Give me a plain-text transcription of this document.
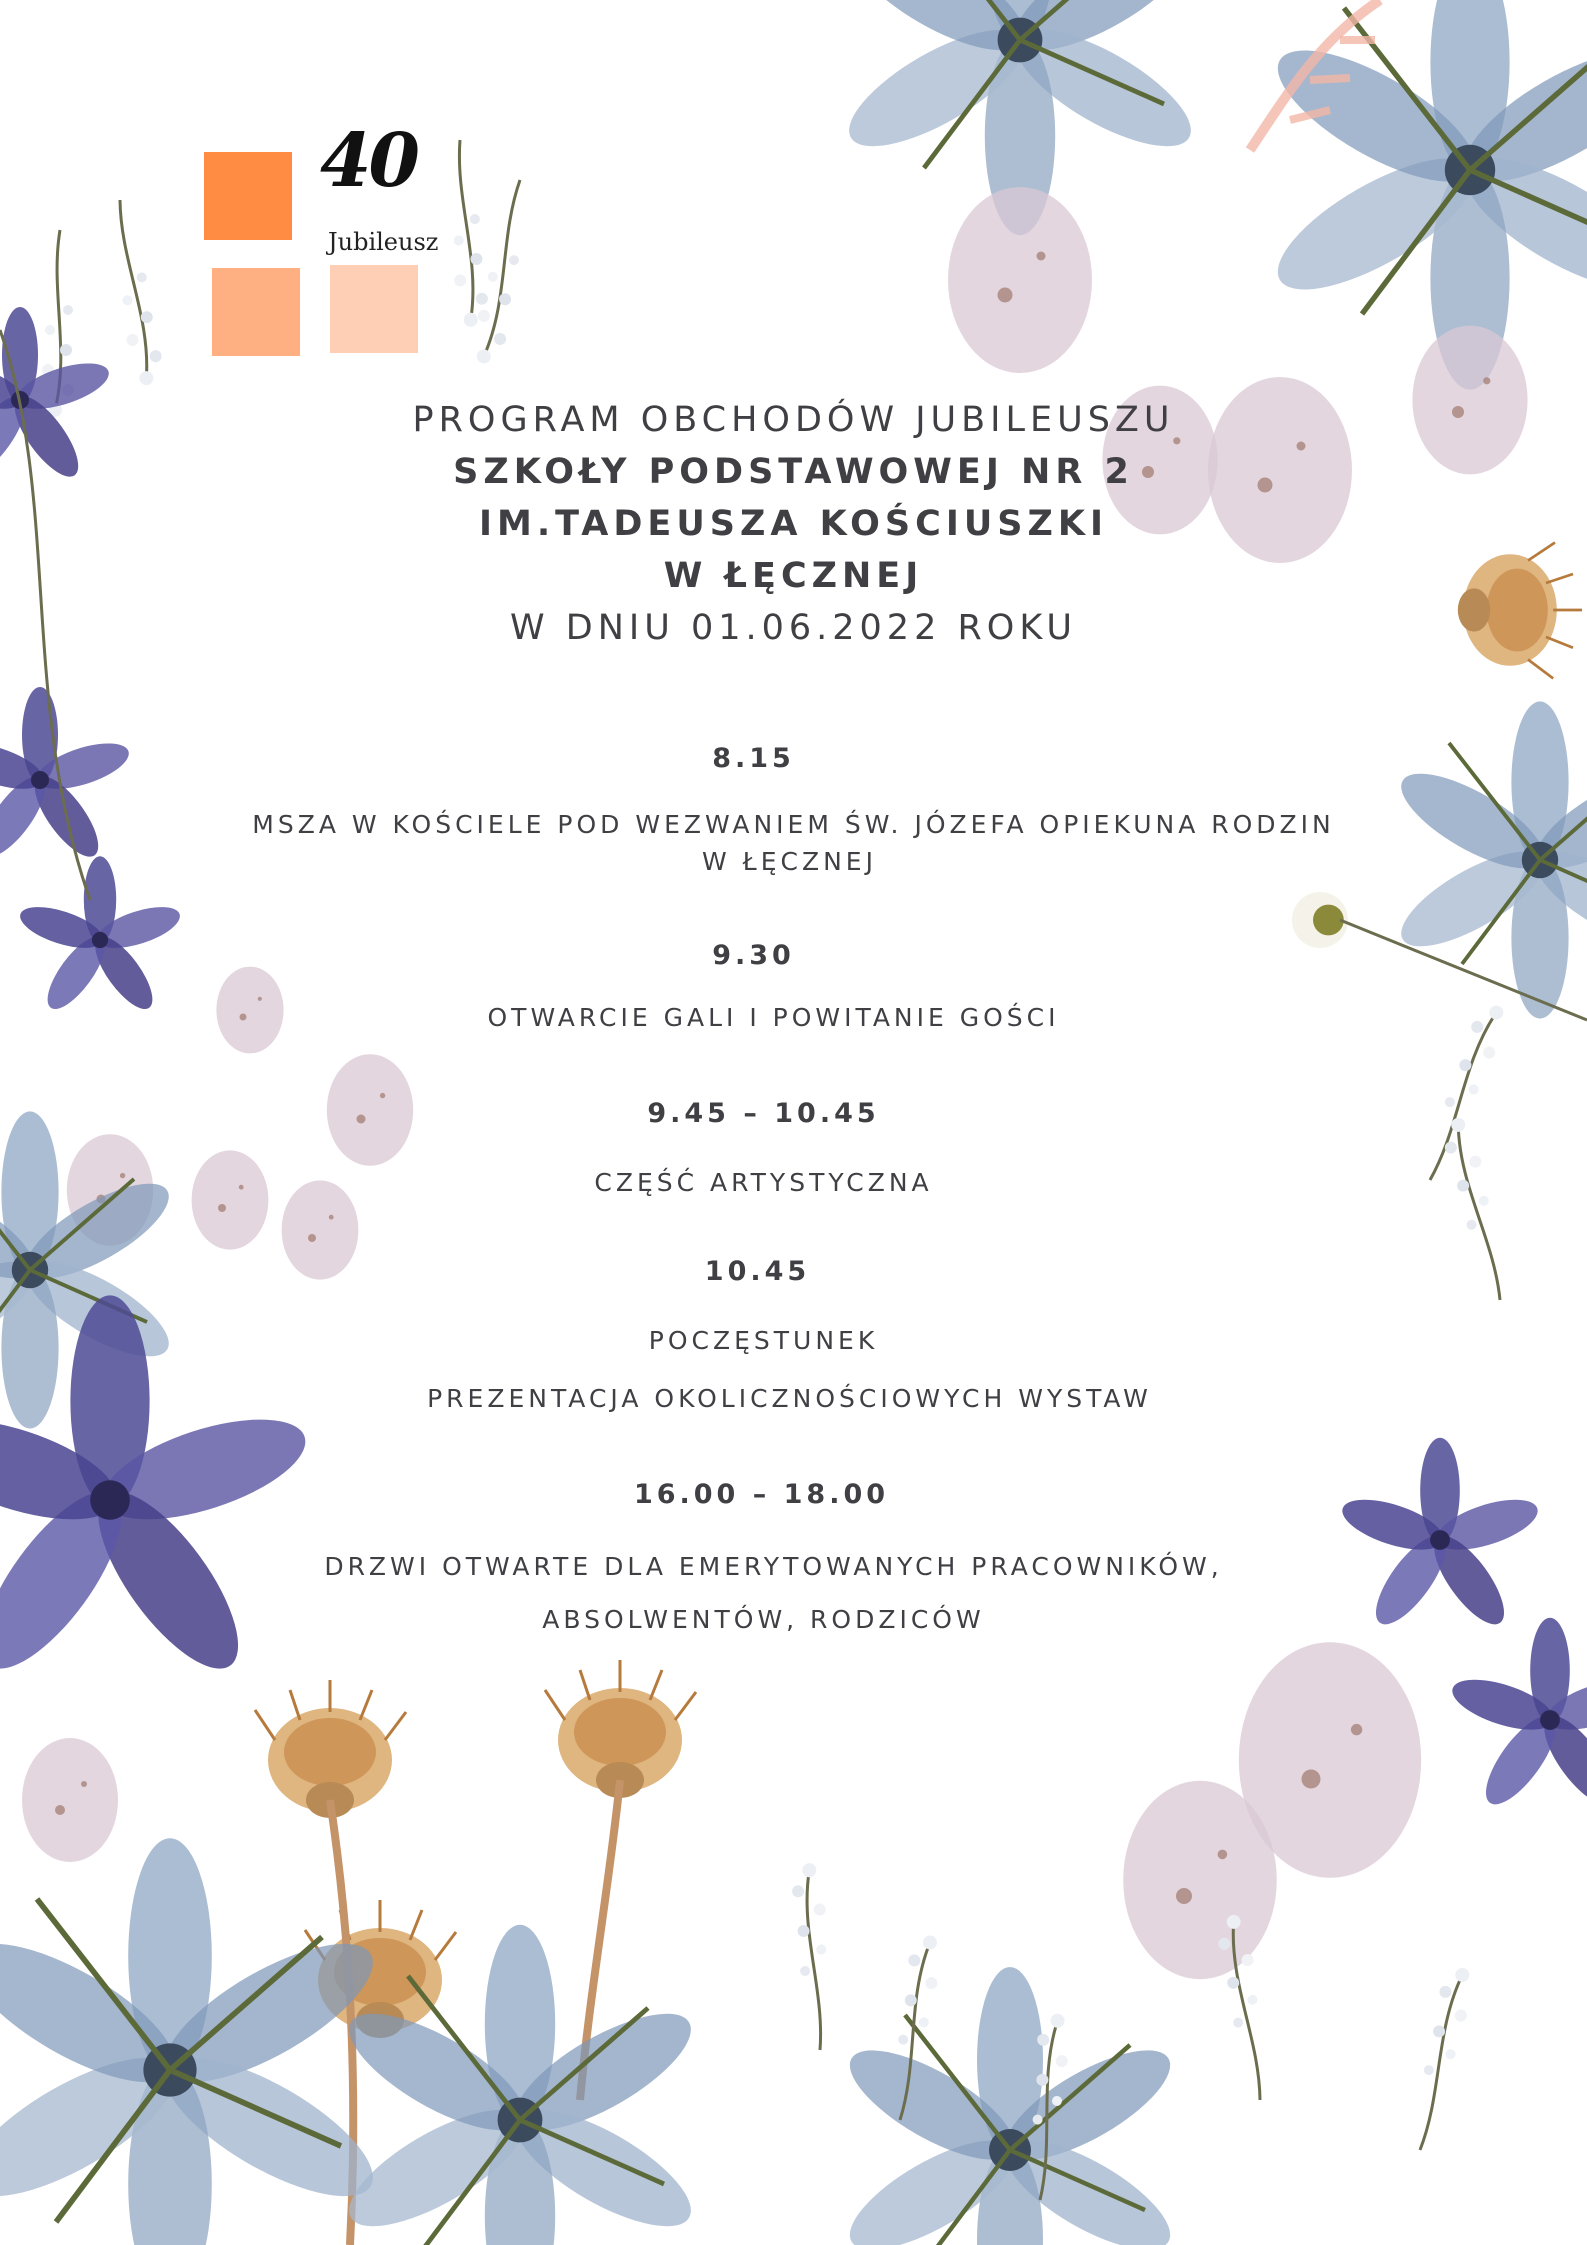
40
Jubileusz
PROGRAM OBCHODÓW JUBILEUSZU
SZKOŁY PODSTAWOWEJ NR 2
IM.TADEUSZA KOŚCIUSZKI
W ŁĘCZNEJ
W DNIU 01.06.2022 ROKU
8.15
MSZA W KOŚCIELE POD WEZWANIEM ŚW. JÓZEFA OPIEKUNA RODZIN
W ŁĘCZNEJ
9.30
OTWARCIE GALI I POWITANIE GOŚCI
9.45 – 10.45
CZĘŚĆ ARTYSTYCZNA
10.45
POCZĘSTUNEK
PREZENTACJA OKOLICZNOŚCIOWYCH WYSTAW
16.00 – 18.00
DRZWI OTWARTE DLA EMERYTOWANYCH PRACOWNIKÓW,
ABSOLWENTÓW, RODZICÓW
